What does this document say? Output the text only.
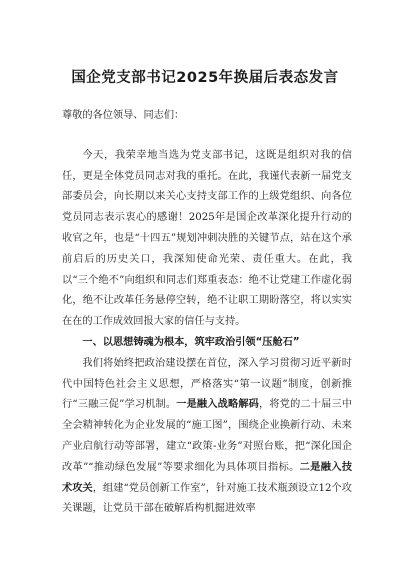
国企党支部书记2025年换届后表态发言

尊敬的各位领导、同志们：

今天，我荣幸地当选为党支部书记，这既是组织对我的信任，更是全体党员同志对我的重托。在此，我谨代表新一届党支部委员会，向长期以来关心支持支部工作的上级党组织、向各位党员同志表示衷心的感谢！2025年是国企改革深化提升行动的收官之年，也是“十四五”规划冲刺决胜的关键节点，站在这个承前启后的历史关口，我深知使命光荣、责任重大。在此，我以“三个绝不”向组织和同志们郑重表态：绝不让党建工作虚化弱化，绝不让改革任务悬停空转，绝不让职工期盼落空，将以实实在在的工作成效回报大家的信任与支持。

一、以思想铸魂为根本，筑牢政治引领“压舱石”

我们将始终把政治建设摆在首位，深入学习贯彻习近平新时代中国特色社会主义思想，严格落实“第一议题”制度，创新推行“三融三促”学习机制。一是融入战略解码，将党的二十届三中全会精神转化为企业发展的“施工图”，围绕企业换新行动、未来产业启航行动等部署，建立“政策-业务”对照台账，把“深化国企改革”“推动绿色发展”等要求细化为具体项目指标。二是融入技术攻关，组建“党员创新工作室”，针对施工技术瓶颈设立12个攻关课题，让党员干部在破解盾构机掘进效率
